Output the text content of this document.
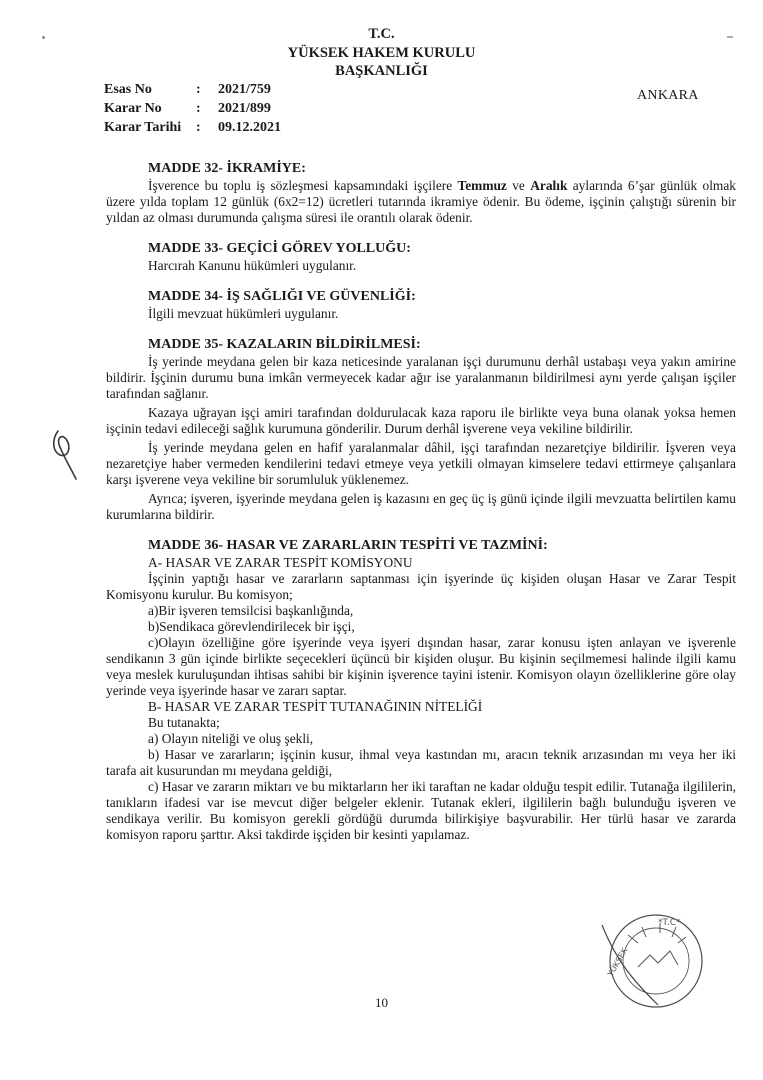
T.C.
YÜKSEK HAKEM KURULU
BAŞKANLIĞI
Esas No	:	2021/759
Karar No	:	2021/899
Karar Tarihi	:	09.12.2021
ANKARA
MADDE 32- İKRAMİYE:

İşverence bu toplu iş sözleşmesi kapsamındaki işçilere Temmuz ve Aralık aylarında 6’şar günlük olmak üzere yılda toplam 12 günlük (6x2=12) ücretleri tutarında ikramiye ödenir. Bu ödeme, işçinin çalıştığı sürenin bir yıldan az olması durumunda çalışma süresi ile orantılı olarak ödenir.

MADDE 33- GEÇİCİ GÖREV YOLLUĞU:

Harcırah Kanunu hükümleri uygulanır.

MADDE 34- İŞ SAĞLIĞI VE GÜVENLİĞİ:

İlgili mevzuat hükümleri uygulanır.

MADDE 35- KAZALARIN BİLDİRİLMESİ:

İş yerinde meydana gelen bir kaza neticesinde yaralanan işçi durumunu derhâl ustabaşı veya yakın amirine bildirir. İşçinin durumu buna imkân vermeyecek kadar ağır ise yaralanmanın bildirilmesi aynı yerde çalışan işçiler tarafından sağlanır.

Kazaya uğrayan işçi amiri tarafından doldurulacak kaza raporu ile birlikte veya buna olanak yoksa hemen işçinin tedavi edileceği sağlık kurumuna gönderilir. Durum derhâl işverene veya vekiline bildirilir.

İş yerinde meydana gelen en hafif yaralanmalar dâhil, işçi tarafından nezaretçiye bildirilir. İşveren veya nezaretçiye haber vermeden kendilerini tedavi etmeye veya yetkili olmayan kimselere tedavi ettirmeye çalışanlara karşı işverene veya vekiline bir sorumluluk yüklenemez.

Ayrıca; işveren, işyerinde meydana gelen iş kazasını en geç üç iş günü içinde ilgili mevzuatta belirtilen kamu kurumlarına bildirir.

MADDE 36- HASAR VE ZARARLARIN TESPİTİ VE TAZMİNİ:
A- HASAR VE ZARAR TESPİT KOMİSYONU

İşçinin yaptığı hasar ve zararların saptanması için işyerinde üç kişiden oluşan Hasar ve Zarar Tespit Komisyonu kurulur. Bu komisyon;

a)Bir işveren temsilcisi başkanlığında,

b)Sendikaca görevlendirilecek bir işçi,

c)Olayın özelliğine göre işyerinde veya işyeri dışından hasar, zarar konusu işten anlayan ve işverenle sendikanın 3 gün içinde birlikte seçecekleri üçüncü bir kişiden oluşur. Bu kişinin seçilmemesi halinde ilgili kamu veya meslek kuruluşundan ihtisas sahibi bir kişinin işverence tayini istenir. Komisyon olayın özelliklerine göre olay yerinde veya işyerinde hasar ve zararı saptar.

B- HASAR VE ZARAR TESPİT TUTANAĞININ NİTELİĞİ

Bu tutanakta;

a) Olayın niteliği ve oluş şekli,

b) Hasar ve zararların; işçinin kusur, ihmal veya kastından mı, aracın teknik arızasından mı veya her iki tarafa ait kusurundan mı meydana geldiği,

c) Hasar ve zararın miktarı ve bu miktarların her iki taraftan ne kadar olduğu tespit edilir. Tutanağa ilgililerin, tanıkların ifadesi var ise mevcut diğer belgeler eklenir. Tutanak ekleri, ilgililerin bağlı bulunduğu işveren ve sendikaya verilir. Bu komisyon gerekli gördüğü durumda bilirkişiye başvurabilir. Her türlü hasar ve zararda komisyon raporu şarttır. Aksi takdirde işçiden bir kesinti yapılamaz.

10
*T.C*
YÜKSEK
